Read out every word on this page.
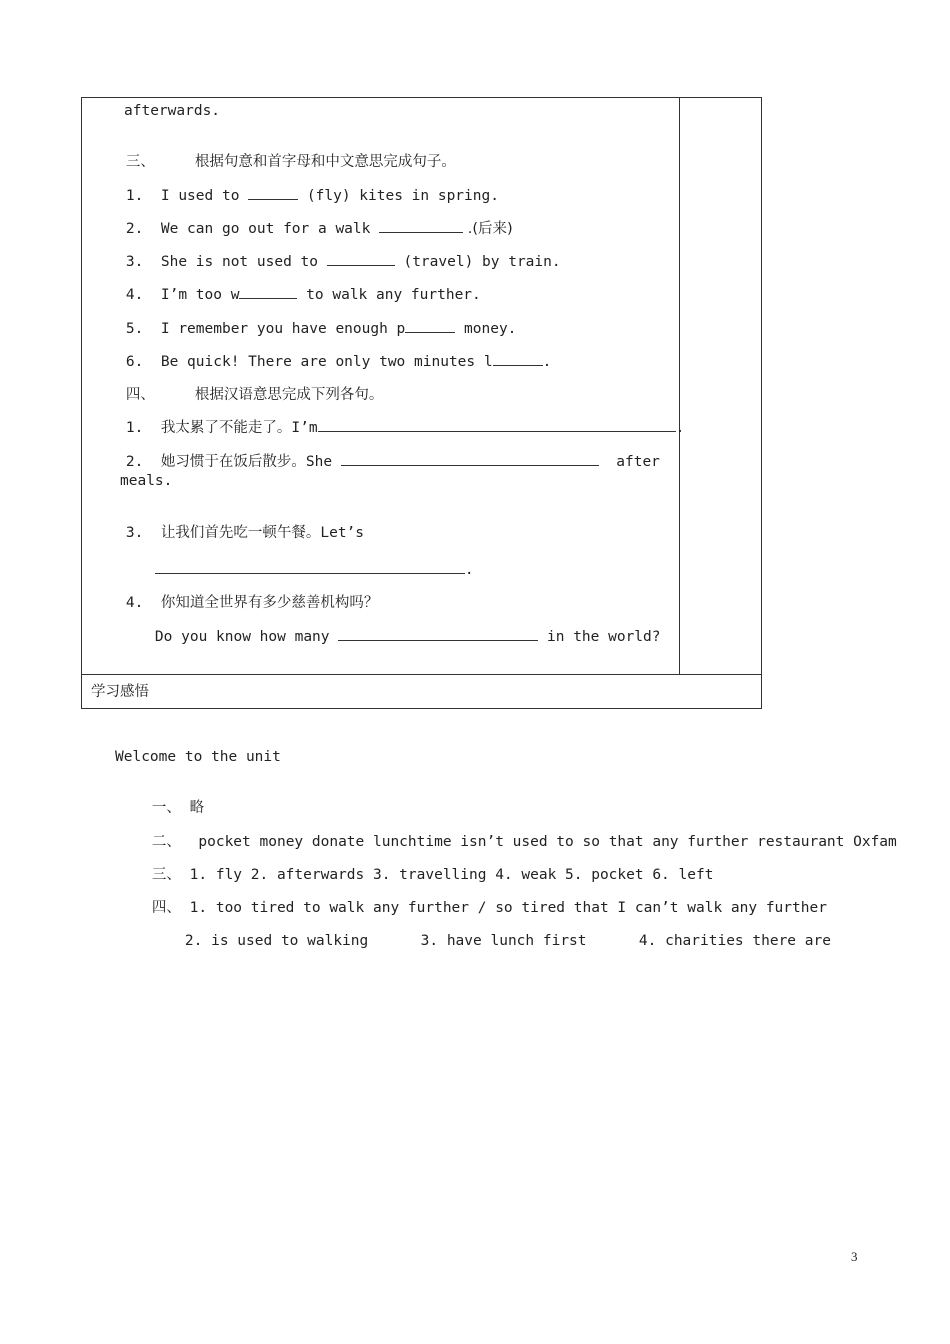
afterwards.

三、	根据句意和首字母和中文意思完成句子。

1. I used to	(fly) kites in spring.

2. We can go out for a walk	.(后来)

3. She is not used to	(travel) by train.

4. I’m too w	to walk any further.

5. I remember you have enough p	money.

6. Be quick! There are only two minutes l	.

四、	根据汉语意思完成下列各句。

1. 我太累了不能走了。I’m	.

2. 她习惯于在饭后散步。She	after

meals.

3. 让我们首先吃一顿午餐。Let’s

.

4. 你知道全世界有多少慈善机构吗？

Do you know how many	in the world?

学习感悟
Welcome to the unit

一、 略

二、 pocket money donate lunchtime isn’t used to so that any further restaurant Oxfam

三、 1. fly 2. afterwards 3. travelling 4. weak 5. pocket 6. left

四、 1. too tired to walk any further / so tired that I can’t walk any further

2. is used to walking	3. have lunch first	4. charities there are

3
